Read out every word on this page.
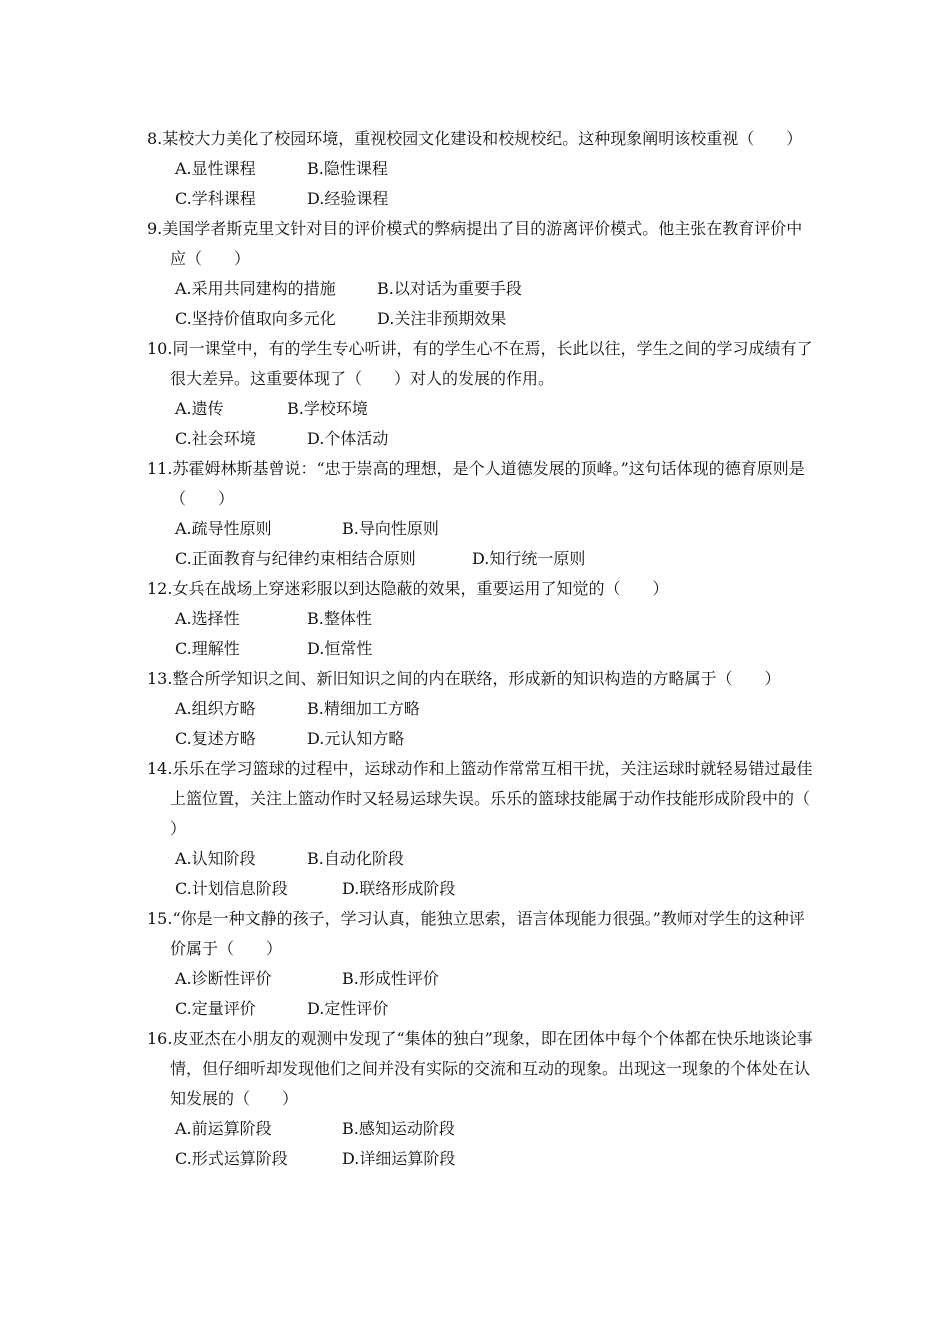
8.某校大力美化了校园环境，重视校园文化建设和校规校纪。这种现象阐明该校重视（　　）
A.显性课程	B.隐性课程
C.学科课程	D.经验课程
9.美国学者斯克里文针对目的评价模式的弊病提出了目的游离评价模式。他主张在教育评价中应（　　）
A.采用共同建构的措施	B.以对话为重要手段
C.坚持价值取向多元化	D.关注非预期效果
10.同一课堂中，有的学生专心听讲，有的学生心不在焉，长此以往，学生之间的学习成绩有了很大差异。这重要体现了（　　）对人的发展的作用。
A.遗传	B.学校环境
C.社会环境	D.个体活动
11.苏霍姆林斯基曾说：“忠于崇高的理想，是个人道德发展的顶峰。”这句话体现的德育原则是（　　）
A.疏导性原则	B.导向性原则
C.正面教育与纪律约束相结合原则	D.知行统一原则
12.女兵在战场上穿迷彩服以到达隐蔽的效果，重要运用了知觉的（　　）
A.选择性	B.整体性
C.理解性	D.恒常性
13.整合所学知识之间、新旧知识之间的内在联络，形成新的知识构造的方略属于（　　）
A.组织方略	B.精细加工方略
C.复述方略	D.元认知方略
14.乐乐在学习篮球的过程中，运球动作和上篮动作常常互相干扰，关注运球时就轻易错过最佳上篮位置，关注上篮动作时又轻易运球失误。乐乐的篮球技能属于动作技能形成阶段中的（　　）
A.认知阶段	B.自动化阶段
C.计划信息阶段	D.联络形成阶段
15.“你是一种文静的孩子，学习认真，能独立思索，语言体现能力很强。”教师对学生的这种评价属于（　　）
A.诊断性评价	B.形成性评价
C.定量评价	D.定性评价
16.皮亚杰在小朋友的观测中发现了“集体的独白”现象，即在团体中每个个体都在快乐地谈论事情，但仔细听却发现他们之间并没有实际的交流和互动的现象。出现这一现象的个体处在认知发展的（　　）
A.前运算阶段	B.感知运动阶段
C.形式运算阶段	D.详细运算阶段
